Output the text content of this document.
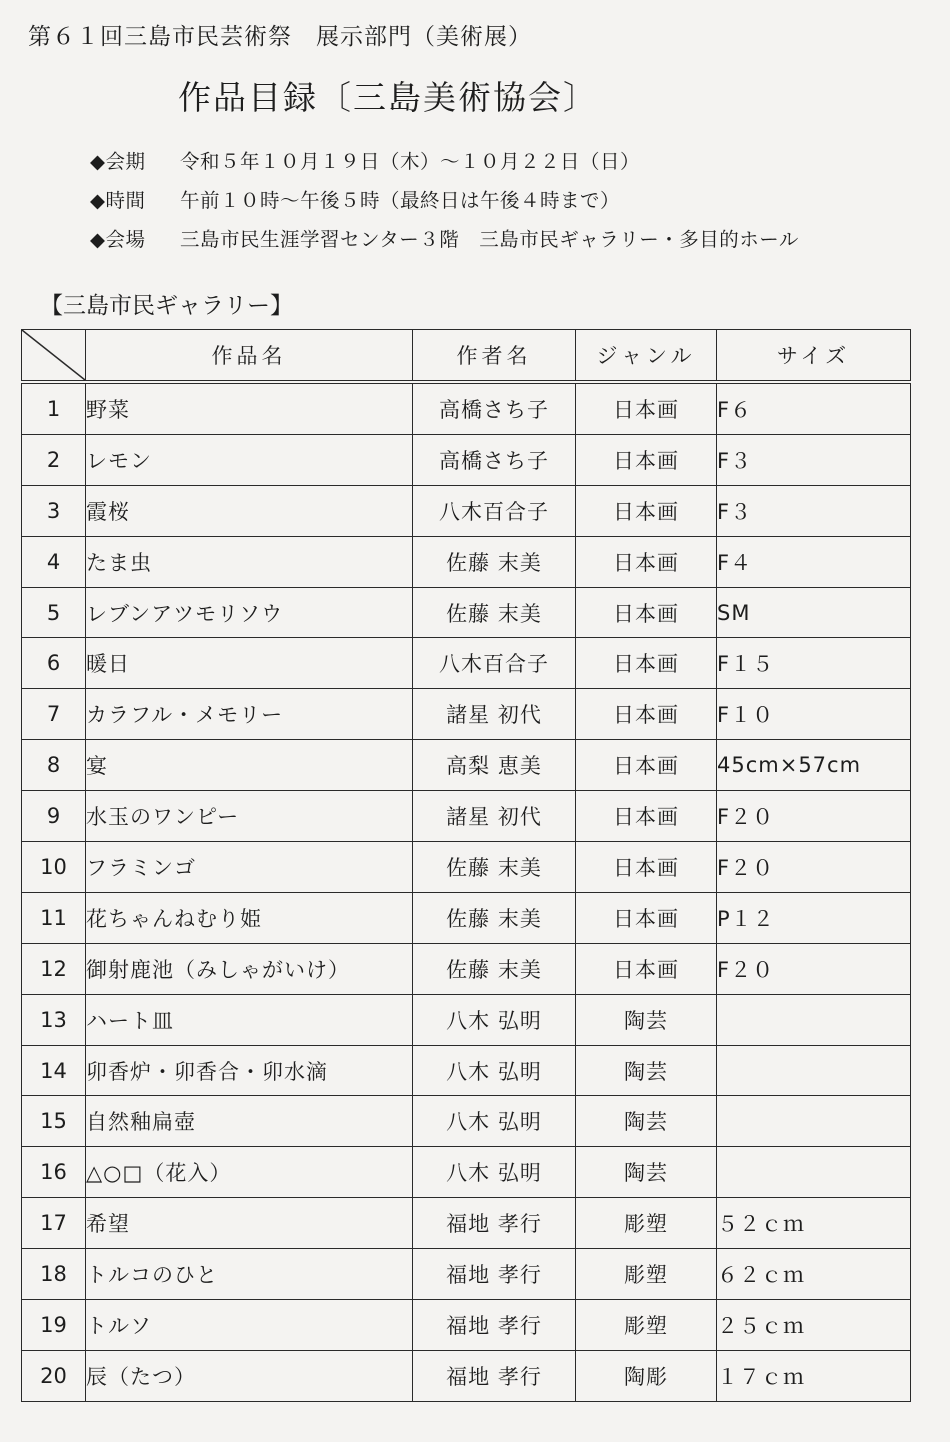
第６１回三島市民芸術祭　展示部門（美術展）
作品目録〔三島美術協会〕
◆会期 令和５年１０月１９日（木）～１０月２２日（日）
◆時間 午前１０時～午後５時（最終日は午後４時まで）
◆会場 三島市民生涯学習センター３階　三島市民ギャラリー・多目的ホール
【三島市民ギャラリー】
	作品名	作者名	ジャンル	サイズ
1	野菜	高橋さち子	日本画	F６
2	レモン	高橋さち子	日本画	F３
3	霞桜	八木百合子	日本画	F３
4	たま虫	佐藤 末美	日本画	F４
5	レブンアツモリソウ	佐藤 末美	日本画	SM
6	暖日	八木百合子	日本画	F１５
7	カラフル・メモリー	諸星 初代	日本画	F１０
8	宴	高梨 恵美	日本画	45cm×57cm
9	水玉のワンピー	諸星 初代	日本画	F２０
10	フラミンゴ	佐藤 末美	日本画	F２０
11	花ちゃんねむり姫	佐藤 末美	日本画	P１２
12	御射鹿池（みしゃがいけ）	佐藤 末美	日本画	F２０
13	ハート皿	八木 弘明	陶芸	
14	卯香炉・卯香合・卯水滴	八木 弘明	陶芸	
15	自然釉扁壺	八木 弘明	陶芸	
16	△○□（花入）	八木 弘明	陶芸	
17	希望	福地 孝行	彫塑	５２ｃｍ
18	トルコのひと	福地 孝行	彫塑	６２ｃｍ
19	トルソ	福地 孝行	彫塑	２５ｃｍ
20	辰（たつ）	福地 孝行	陶彫	１７ｃｍ
